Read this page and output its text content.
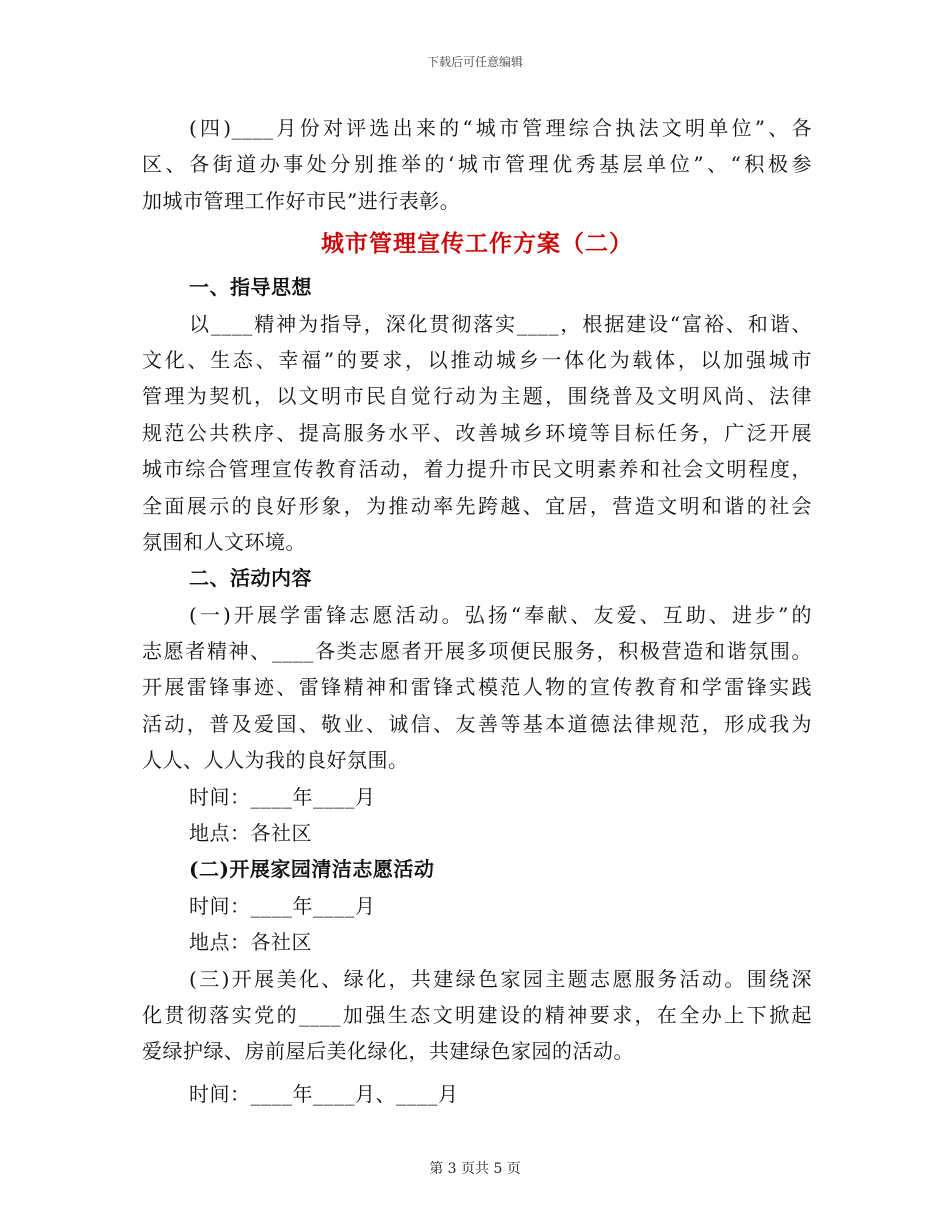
下载后可任意编辑
(四)____月份对评选出来的“城市管理综合执法文明单位”、各
区、各街道办事处分别推举的‘城市管理优秀基层单位”、“积极参
加城市管理工作好市民”进行表彰。
城市管理宣传工作方案（二）
一、指导思想
以____精神为指导，深化贯彻落实____，根据建设“富裕、和谐、
文化、生态、幸福”的要求，以推动城乡一体化为载体，以加强城市
管理为契机，以文明市民自觉行动为主题，围绕普及文明风尚、法律
规范公共秩序、提高服务水平、改善城乡环境等目标任务，广泛开展
城市综合管理宣传教育活动，着力提升市民文明素养和社会文明程度，
全面展示的良好形象，为推动率先跨越、宜居，营造文明和谐的社会
氛围和人文环境。
二、活动内容
(一)开展学雷锋志愿活动。弘扬“奉献、友爱、互助、进步”的
志愿者精神、____各类志愿者开展多项便民服务，积极营造和谐氛围。
开展雷锋事迹、雷锋精神和雷锋式模范人物的宣传教育和学雷锋实践
活动，普及爱国、敬业、诚信、友善等基本道德法律规范，形成我为
人人、人人为我的良好氛围。
时间：____年____月
地点：各社区
(二)开展家园清洁志愿活动
时间：____年____月
地点：各社区
(三)开展美化、绿化，共建绿色家园主题志愿服务活动。围绕深
化贯彻落实党的____加强生态文明建设的精神要求，在全办上下掀起
爱绿护绿、房前屋后美化绿化，共建绿色家园的活动。
时间：____年____月、____月
第 3 页共 5 页
